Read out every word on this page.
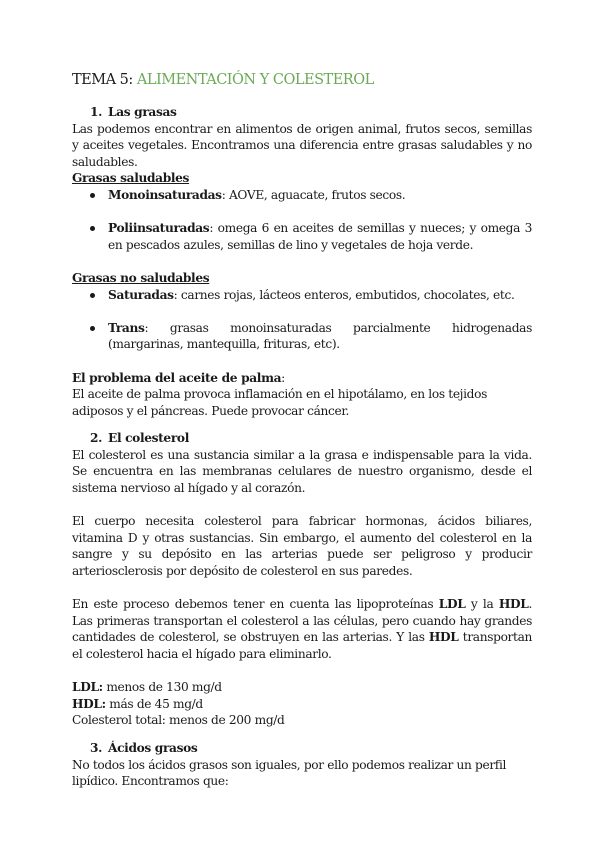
TEMA 5: ALIMENTACIÓN Y COLESTEROL
1. Las grasas

Las podemos encontrar en alimentos de origen animal, frutos secos, semillas y aceites vegetales. Encontramos una diferencia entre grasas saludables y no saludables.

Grasas saludables
Monoinsaturadas: AOVE, aguacate, frutos secos.
Poliinsaturadas: omega 6 en aceites de semillas y nueces; y omega 3 en pescados azules, semillas de lino y vegetales de hoja verde.
Grasas no saludables
Saturadas: carnes rojas, lácteos enteros, embutidos, chocolates, etc.
Trans: grasas monoinsaturadas parcialmente hidrogenadas (margarinas, mantequilla, frituras, etc).
El problema del aceite de palma:

El aceite de palma provoca inflamación en el hipotálamo, en los tejidos adiposos y el páncreas. Puede provocar cáncer.

2. El colesterol

El colesterol es una sustancia similar a la grasa e indispensable para la vida. Se encuentra en las membranas celulares de nuestro organismo, desde el sistema nervioso al hígado y al corazón.

El cuerpo necesita colesterol para fabricar hormonas, ácidos biliares, vitamina D y otras sustancias. Sin embargo, el aumento del colesterol en la sangre y su depósito en las arterias puede ser peligroso y producir arteriosclerosis por depósito de colesterol en sus paredes.

En este proceso debemos tener en cuenta las lipoproteínas LDL y la HDL. Las primeras transportan el colesterol a las células, pero cuando hay grandes cantidades de colesterol, se obstruyen en las arterias. Y las HDL transportan el colesterol hacia el hígado para eliminarlo.

LDL: menos de 130 mg/d
HDL: más de 45 mg/d
Colesterol total: menos de 200 mg/d
3. Ácidos grasos

No todos los ácidos grasos son iguales, por ello podemos realizar un perfil lipídico. Encontramos que:
